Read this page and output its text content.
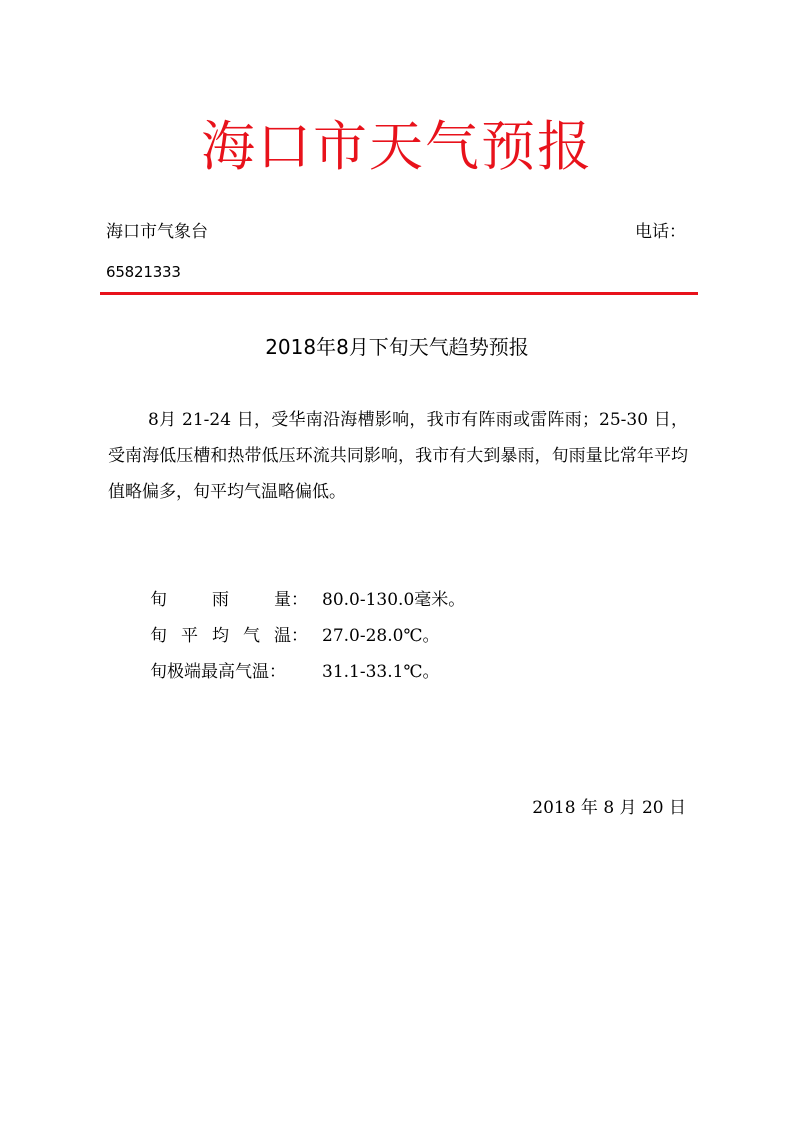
海口市天气预报
海口市气象台	电话：
65821333
2018年8月下旬天气趋势预报

8月 21-24 日，受华南沿海槽影响，我市有阵雨或雷阵雨；25-30 日，受南海低压槽和热带低压环流共同影响，我市有大到暴雨，旬雨量比常年平均值略偏多，旬平均气温略偏低。

旬	雨	量： 80.0-130.0毫米。
旬 平 均 气 温： 27.0-28.0℃。
旬极端最高气温： 31.1-33.1℃。
2018 年 8 月 20 日
